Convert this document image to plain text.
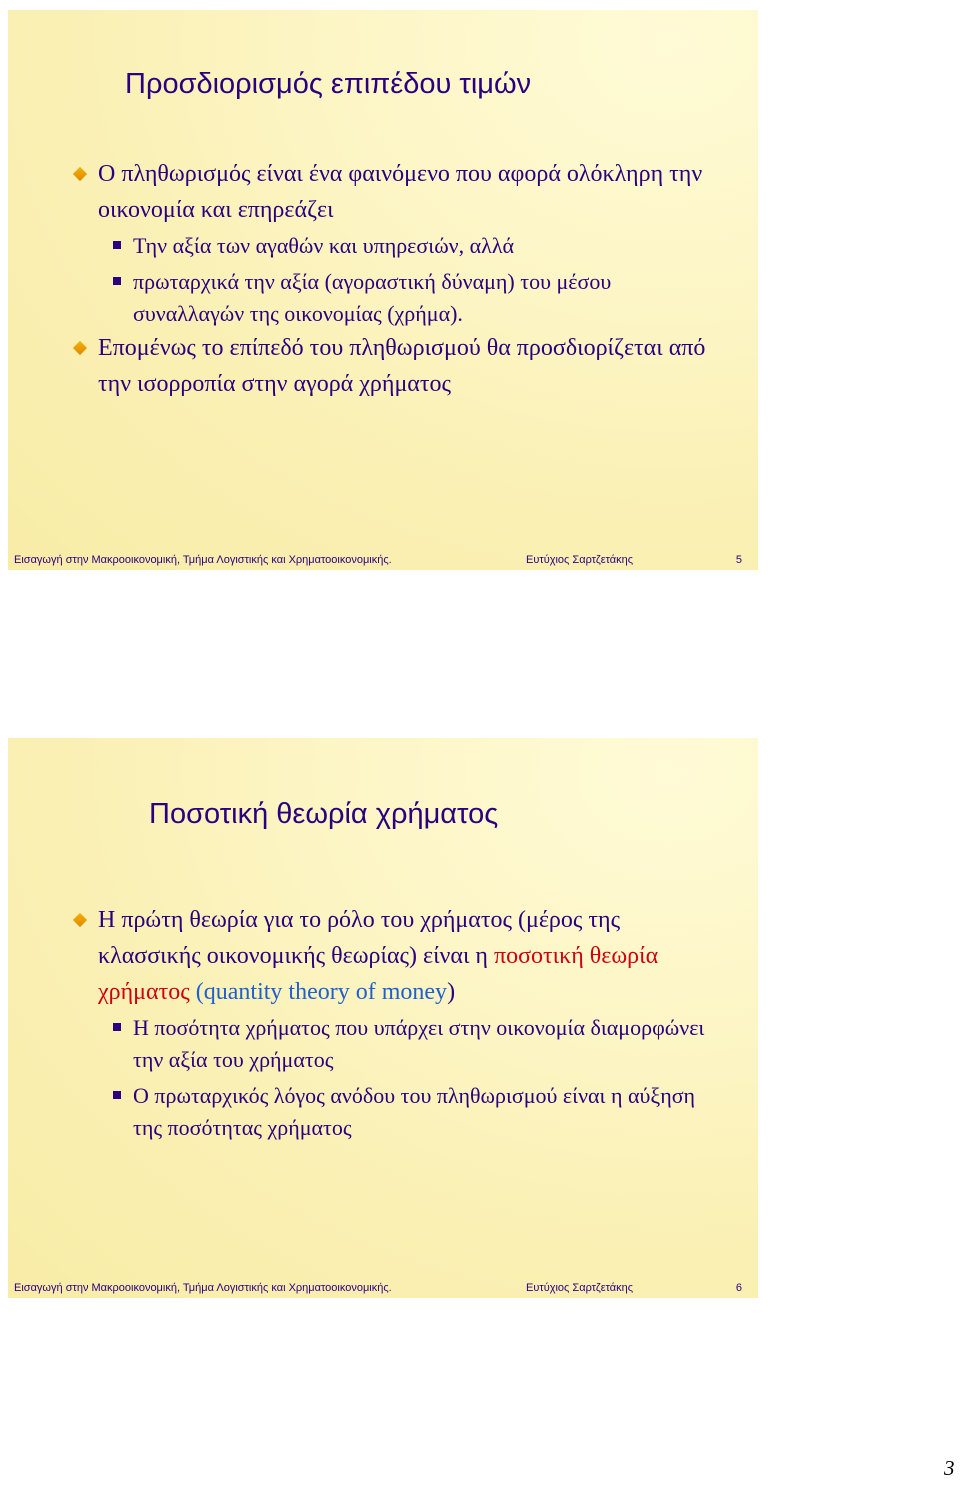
Προσδιορισμός επιπέδου τιμών
Ο πληθωρισμός είναι ένα φαινόμενο που αφορά ολόκληρη την οικονομία και επηρεάζει
Την αξία των αγαθών και υπηρεσιών, αλλά
πρωταρχικά την αξία (αγοραστική δύναμη) του μέσου συναλλαγών της οικονομίας (χρήμα).
Επομένως το επίπεδό του πληθωρισμού θα προσδιορίζεται από την ισορροπία στην αγορά χρήματος
Εισαγωγή στην Μακροοικονομική, Τμήμα Λογιστικής και Χρηματοοικονομικής.	Ευτύχιος Σαρτζετάκης	5
Ποσοτική θεωρία χρήματος
Η πρώτη θεωρία για το ρόλο του χρήματος (μέρος της κλασσικής οικονομικής θεωρίας) είναι η ποσοτική θεωρία χρήματος (quantity theory of money)
Η ποσότητα χρήματος που υπάρχει στην οικονομία διαμορφώνει την αξία του χρήματος
Ο πρωταρχικός λόγος ανόδου του πληθωρισμού είναι η αύξηση της ποσότητας χρήματος
Εισαγωγή στην Μακροοικονομική, Τμήμα Λογιστικής και Χρηματοοικονομικής.	Ευτύχιος Σαρτζετάκης	6
3
